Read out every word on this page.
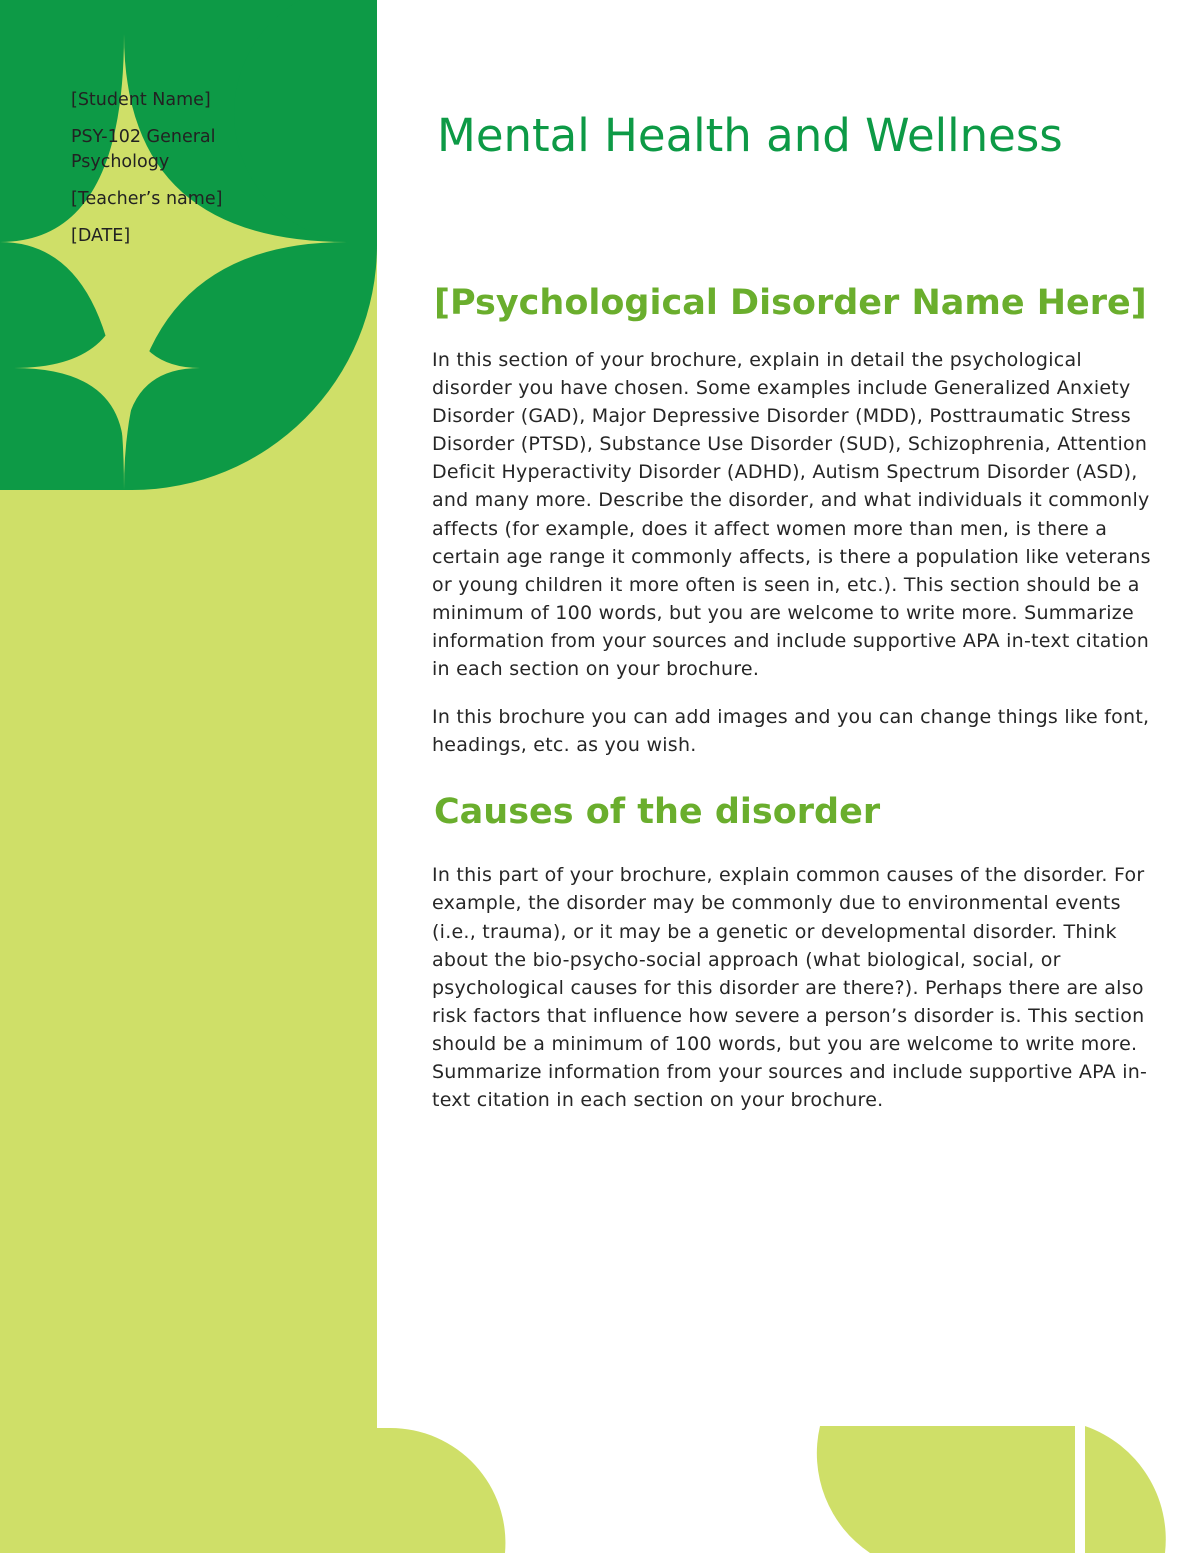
[Student Name]

PSY-102 General Psychology

[Teacher’s name]

[DATE]

Mental Health and Wellness
[Psychological Disorder Name Here]

In this section of your brochure, explain in detail the psychological disorder you have chosen. Some examples include Generalized Anxiety Disorder (GAD), Major Depressive Disorder (MDD), Posttraumatic Stress Disorder (PTSD), Substance Use Disorder (SUD), Schizophrenia, Attention Deficit Hyperactivity Disorder (ADHD), Autism Spectrum Disorder (ASD), and many more. Describe the disorder, and what individuals it commonly affects (for example, does it affect women more than men, is there a certain age range it commonly affects, is there a population like veterans or young children it more often is seen in, etc.). This section should be a minimum of 100 words, but you are welcome to write more. Summarize information from your sources and include supportive APA in-text citation in each section on your brochure.

In this brochure you can add images and you can change things like font, headings, etc. as you wish.

Causes of the disorder

In this part of your brochure, explain common causes of the disorder. For example, the disorder may be commonly due to environmental events (i.e., trauma), or it may be a genetic or developmental disorder. Think about the bio-psycho-social approach (what biological, social, or psychological causes for this disorder are there?). Perhaps there are also risk factors that influence how severe a person’s disorder is. This section should be a minimum of 100 words, but you are welcome to write more. Summarize information from your sources and include supportive APA in-text citation in each section on your brochure.
